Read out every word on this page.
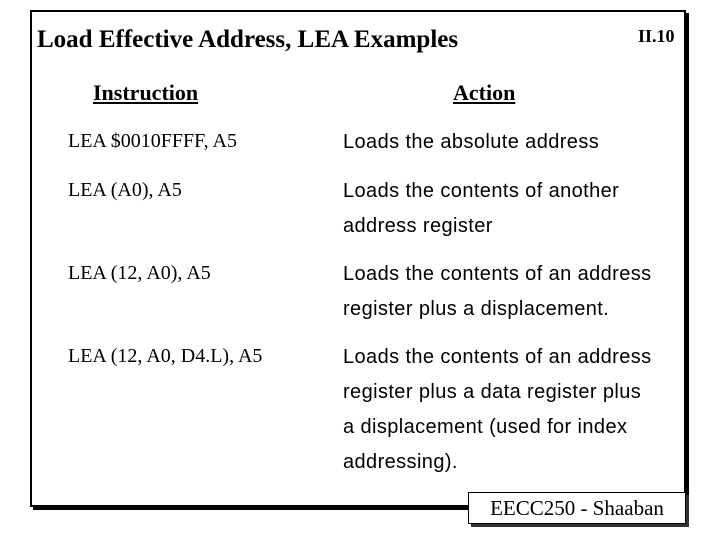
Load Effective Address, LEA Examples	II.10
Instruction	Action
LEA $0010FFFF, A5	Loads the absolute address
LEA (A0), A5	Loads the contents of another
address register
LEA (12, A0), A5	Loads the contents of an address
register plus a displacement.
LEA (12, A0, D4.L), A5	Loads the contents of an address
register plus a data register plus
a displacement (used for index
addressing).
EECC250 - Shaaban
